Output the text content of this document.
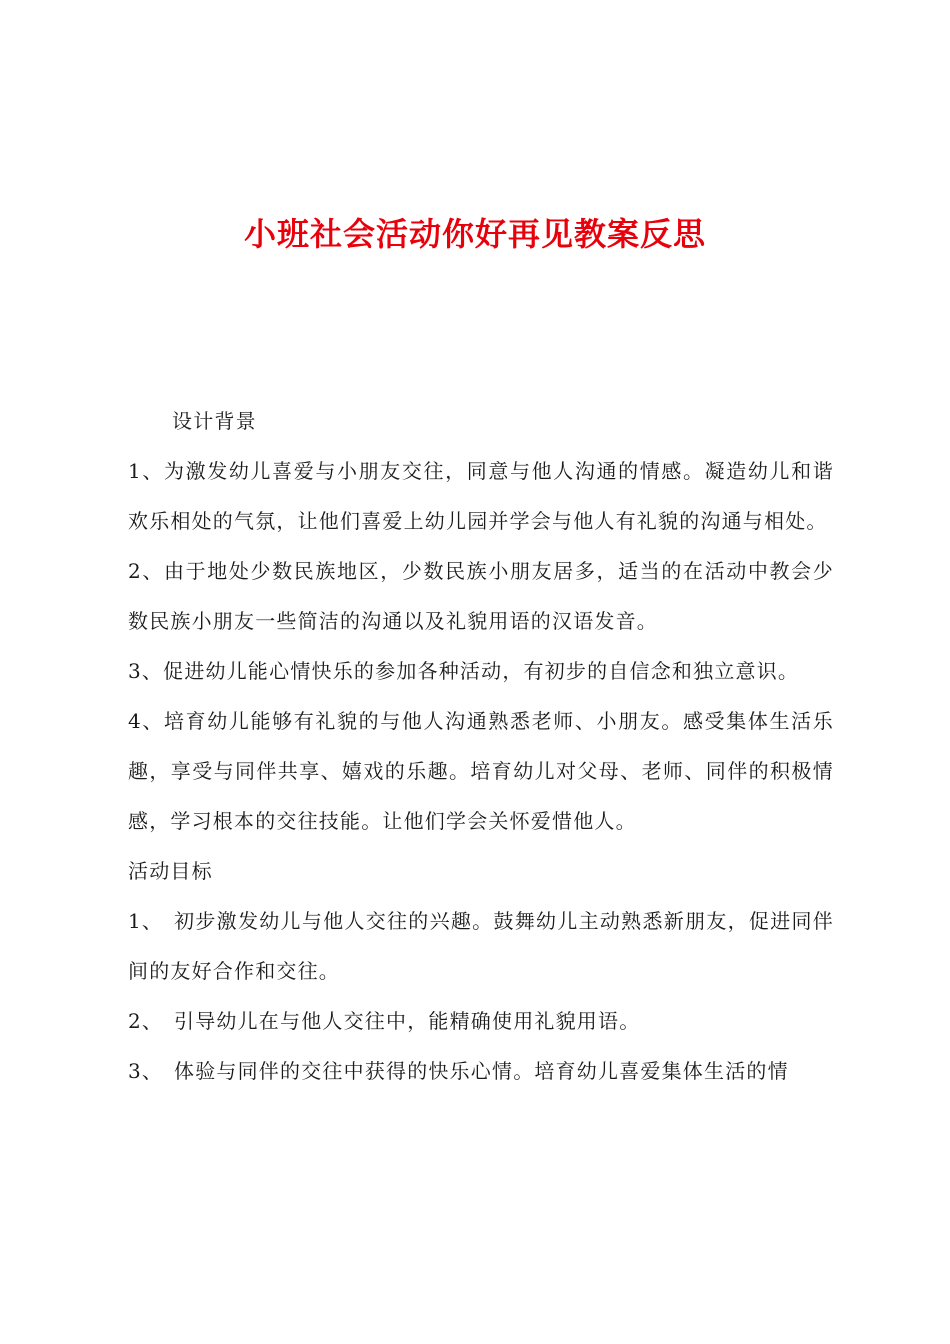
小班社会活动你好再见教案反思

设计背景

1、为激发幼儿喜爱与小朋友交往，同意与他人沟通的情感。凝造幼儿和谐欢乐相处的气氛，让他们喜爱上幼儿园并学会与他人有礼貌的沟通与相处。

2、由于地处少数民族地区，少数民族小朋友居多，适当的在活动中教会少数民族小朋友一些简洁的沟通以及礼貌用语的汉语发音。

3、促进幼儿能心情快乐的参加各种活动，有初步的自信念和独立意识。

4、培育幼儿能够有礼貌的与他人沟通熟悉老师、小朋友。感受集体生活乐趣，享受与同伴共享、嬉戏的乐趣。培育幼儿对父母、老师、同伴的积极情感，学习根本的交往技能。让他们学会关怀爱惜他人。

活动目标

1、 初步激发幼儿与他人交往的兴趣。鼓舞幼儿主动熟悉新朋友，促进同伴间的友好合作和交往。

2、 引导幼儿在与他人交往中，能精确使用礼貌用语。

3、 体验与同伴的交往中获得的快乐心情。培育幼儿喜爱集体生活的情
